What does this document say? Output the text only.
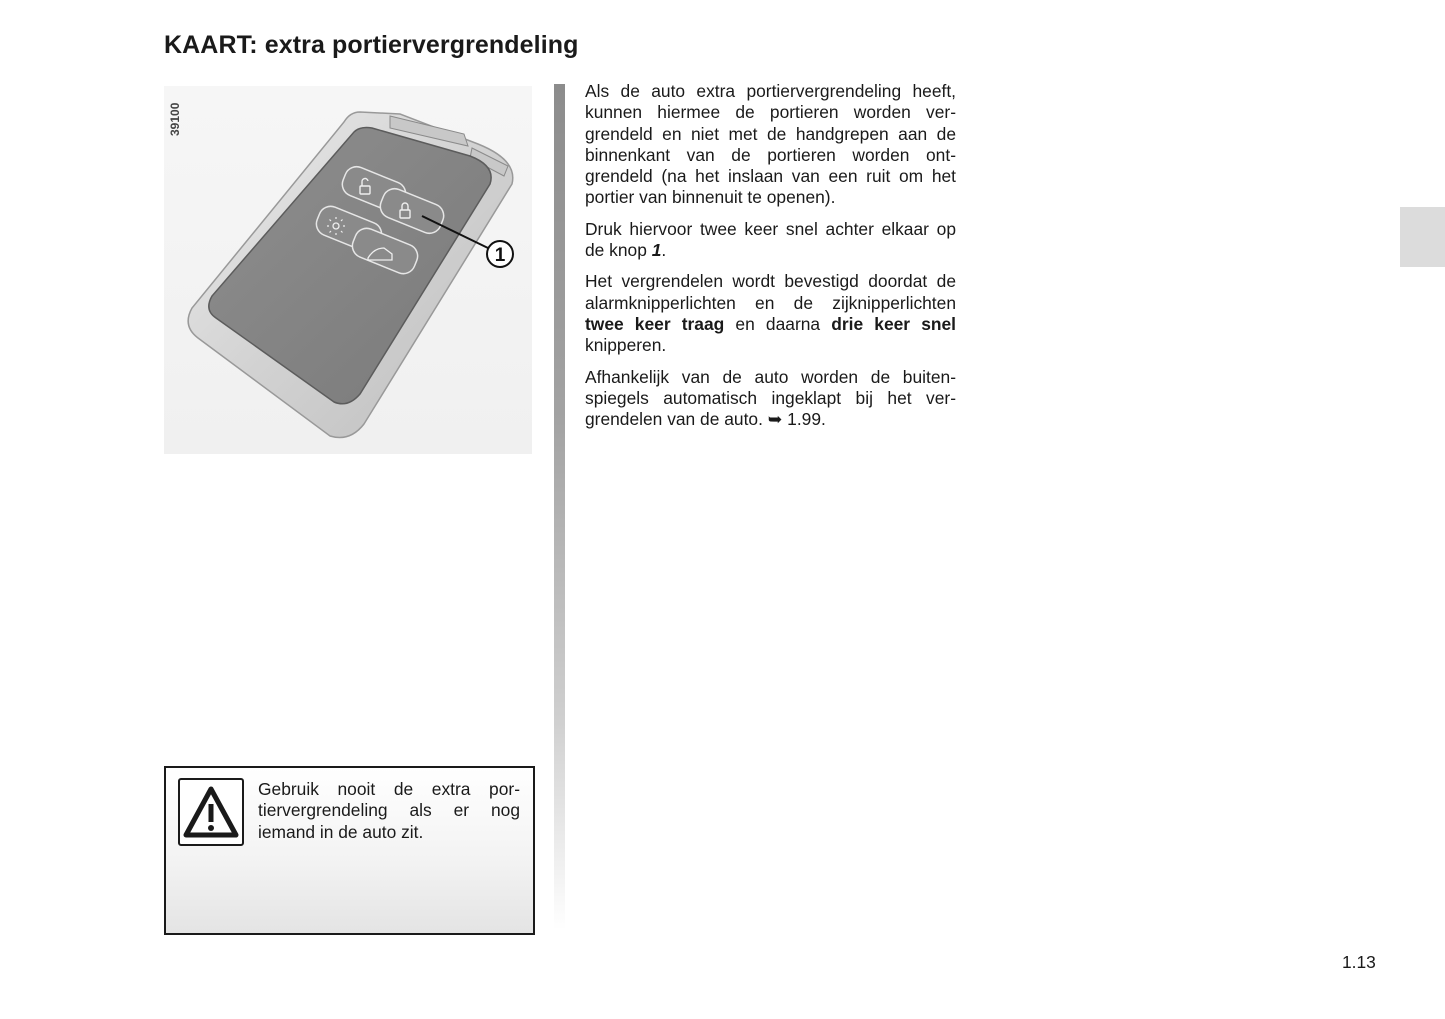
KAART: extra portiervergrendeling
1
39100

Als de auto extra portiervergrendeling heeft, kunnen hiermee de portieren worden vergrendeld en niet met de handgrepen aan de binnenkant van de portieren worden ontgrendeld (na het inslaan van een ruit om het portier van binnenuit te openen).

Druk hiervoor twee keer snel achter elkaar op de knop 1.

Het vergrendelen wordt bevestigd doordat de alarmknipperlichten en de zijknipperlichten twee keer traag en daarna drie keer snel knipperen.

Afhankelijk van de auto worden de buitenspiegels automatisch ingeklapt bij het vergrendelen van de auto. ➥ 1.99.

Gebruik nooit de extra portiervergrendeling als er nog iemand in de auto zit.
1.13
